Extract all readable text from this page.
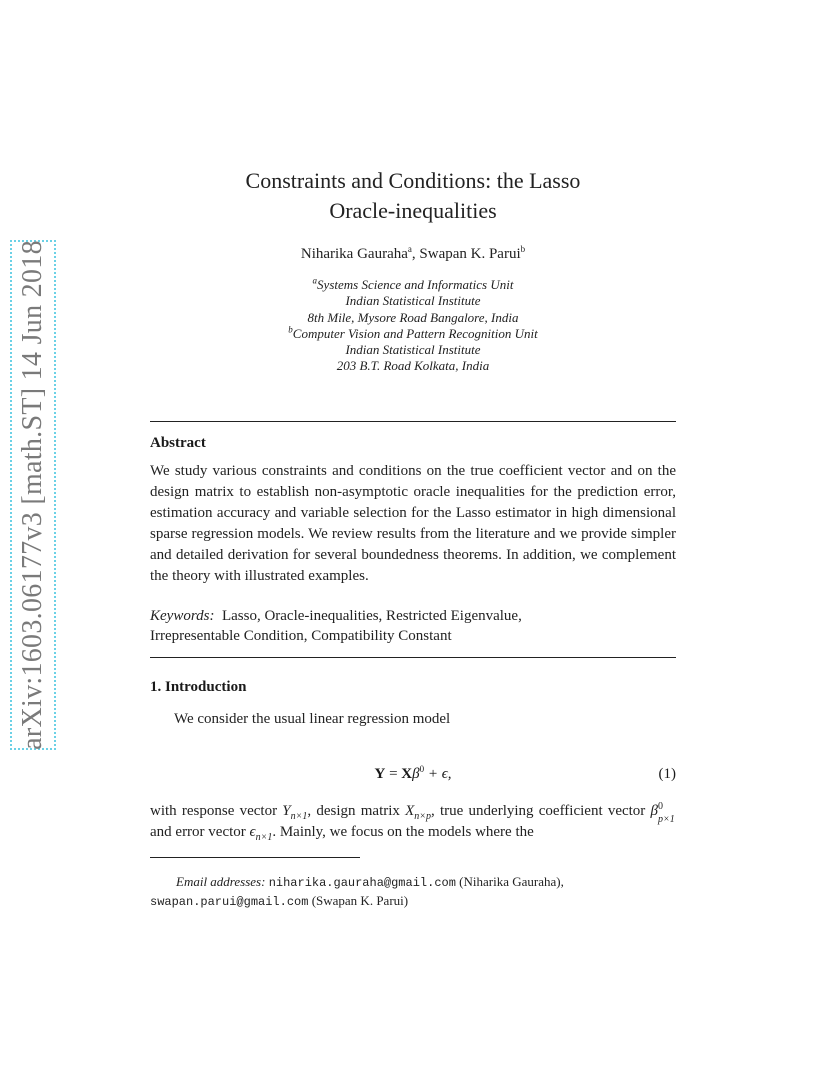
arXiv:1603.06177v3 [math.ST] 14 Jun 2018
Constraints and Conditions: the Lasso
Oracle-inequalities
Niharika Gauraha$^a$, Swapan K. Parui$^b$
$^a$Systems Science and Informatics Unit
Indian Statistical Institute
8th Mile, Mysore Road Bangalore, India
$^b$Computer Vision and Pattern Recognition Unit
Indian Statistical Institute
203 B.T. Road Kolkata, India
Abstract
We study various constraints and conditions on the true coefficient vector and on the design matrix to establish non-asymptotic oracle inequalities for the prediction error, estimation accuracy and variable selection for the Lasso estimator in high dimensional sparse regression models. We review results from the literature and we provide simpler and detailed derivation for several boundedness theorems. In addition, we complement the theory with illustrated examples.
Keywords: Lasso, Oracle-inequalities, Restricted Eigenvalue,
Irrepresentable Condition, Compatibility Constant
1. Introduction
We consider the usual linear regression model
$Y = X\beta^0 + \epsilon$,	(1)
with response vector $Y_{n\times 1}$, design matrix $X_{n\times p}$, true underlying coefficient vector β 0
p×1
and error vector $\epsilon_{n\times 1}$. Mainly, we focus on the models where the
Email addresses: niharika.gauraha@gmail.com (Niharika Gauraha),
swapan.parui@gmail.com (Swapan K. Parui)
